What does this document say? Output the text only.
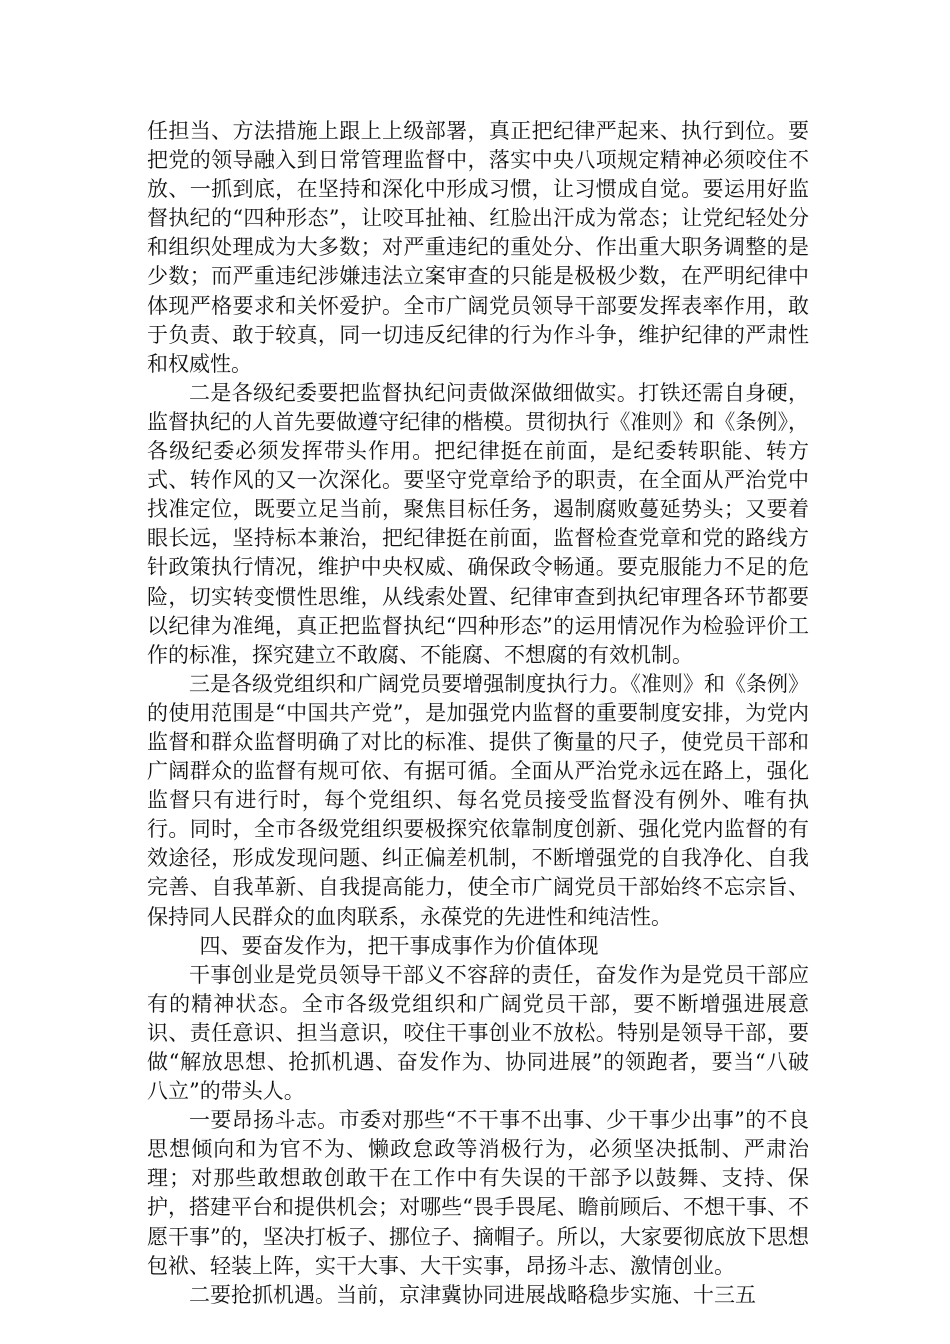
任担当、方法措施上跟上上级部署，真正把纪律严起来、执行到位。要把党的领导融入到日常管理监督中，落实中央八项规定精神必须咬住不放、一抓到底，在坚持和深化中形成习惯，让习惯成自觉。要运用好监督执纪的“四种形态”，让咬耳扯袖、红脸出汗成为常态；让党纪轻处分和组织处理成为大多数；对严重违纪的重处分、作出重大职务调整的是少数；而严重违纪涉嫌违法立案审查的只能是极极少数，在严明纪律中体现严格要求和关怀爱护。全市广阔党员领导干部要发挥表率作用，敢于负责、敢于较真，同一切违反纪律的行为作斗争，维护纪律的严肃性和权威性。

二是各级纪委要把监督执纪问责做深做细做实。打铁还需自身硬，监督执纪的人首先要做遵守纪律的楷模。贯彻执行《准则》和《条例》，各级纪委必须发挥带头作用。把纪律挺在前面，是纪委转职能、转方式、转作风的又一次深化。要坚守党章给予的职责，在全面从严治党中找准定位，既要立足当前，聚焦目标任务，遏制腐败蔓延势头；又要着眼长远，坚持标本兼治，把纪律挺在前面，监督检查党章和党的路线方针政策执行情况，维护中央权威、确保政令畅通。要克服能力不足的危险，切实转变惯性思维，从线索处置、纪律审查到执纪审理各环节都要以纪律为准绳，真正把监督执纪“四种形态”的运用情况作为检验评价工作的标准，探究建立不敢腐、不能腐、不想腐的有效机制。

三是各级党组织和广阔党员要增强制度执行力。《准则》和《条例》的使用范围是“中国共产党”，是加强党内监督的重要制度安排，为党内监督和群众监督明确了对比的标准、提供了衡量的尺子，使党员干部和广阔群众的监督有规可依、有据可循。全面从严治党永远在路上，强化监督只有进行时，每个党组织、每名党员接受监督没有例外、唯有执行。同时，全市各级党组织要极探究依靠制度创新、强化党内监督的有效途径，形成发现问题、纠正偏差机制，不断增强党的自我净化、自我完善、自我革新、自我提高能力，使全市广阔党员干部始终不忘宗旨、保持同人民群众的血肉联系，永葆党的先进性和纯洁性。

四、要奋发作为，把干事成事作为价值体现

干事创业是党员领导干部义不容辞的责任，奋发作为是党员干部应有的精神状态。全市各级党组织和广阔党员干部，要不断增强进展意识、责任意识、担当意识，咬住干事创业不放松。特别是领导干部，要做“解放思想、抢抓机遇、奋发作为、协同进展”的领跑者，要当“八破八立”的带头人。

一要昂扬斗志。市委对那些“不干事不出事、少干事少出事”的不良思想倾向和为官不为、懒政怠政等消极行为，必须坚决抵制、严肃治理；对那些敢想敢创敢干在工作中有失误的干部予以鼓舞、支持、保护，搭建平台和提供机会；对哪些“畏手畏尾、瞻前顾后、不想干事、不愿干事”的，坚决打板子、挪位子、摘帽子。所以，大家要彻底放下思想包袱、轻装上阵，实干大事、大干实事，昂扬斗志、激情创业。

二要抢抓机遇。当前，京津冀协同进展战略稳步实施、十三五
